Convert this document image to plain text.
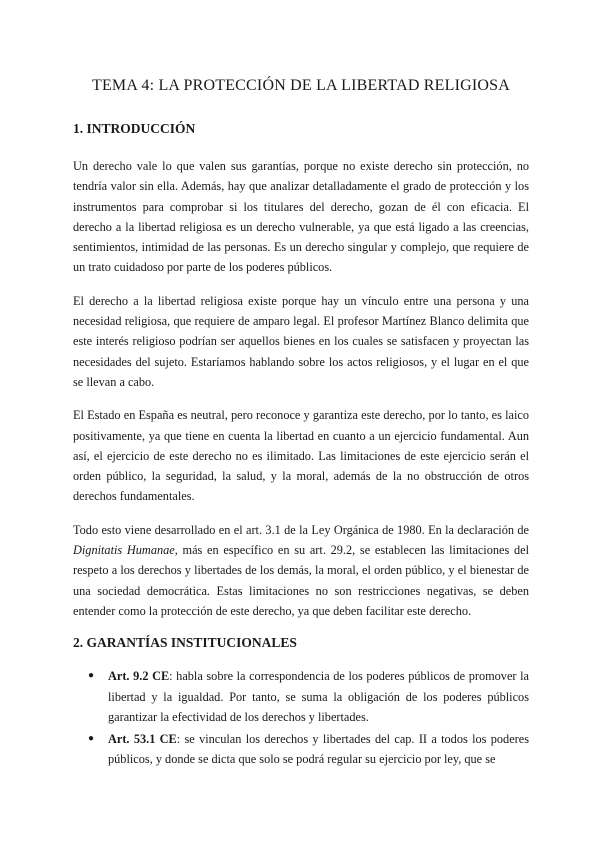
TEMA 4: LA PROTECCIÓN DE LA LIBERTAD RELIGIOSA
1. INTRODUCCIÓN

Un derecho vale lo que valen sus garantías, porque no existe derecho sin protección, no tendría valor sin ella. Además, hay que analizar detalladamente el grado de protección y los instrumentos para comprobar si los titulares del derecho, gozan de él con eficacia. El derecho a la libertad religiosa es un derecho vulnerable, ya que está ligado a las creencias, sentimientos, intimidad de las personas. Es un derecho singular y complejo, que requiere de un trato cuidadoso por parte de los poderes públicos.

El derecho a la libertad religiosa existe porque hay un vínculo entre una persona y una necesidad religiosa, que requiere de amparo legal. El profesor Martínez Blanco delimita que este interés religioso podrían ser aquellos bienes en los cuales se satisfacen y proyectan las necesidades del sujeto. Estaríamos hablando sobre los actos religiosos, y el lugar en el que se llevan a cabo.

El Estado en España es neutral, pero reconoce y garantiza este derecho, por lo tanto, es laico positivamente, ya que tiene en cuenta la libertad en cuanto a un ejercicio fundamental. Aun así, el ejercicio de este derecho no es ilimitado. Las limitaciones de este ejercicio serán el orden público, la seguridad, la salud, y la moral, además de la no obstrucción de otros derechos fundamentales.

Todo esto viene desarrollado en el art. 3.1 de la Ley Orgánica de 1980. En la declaración de Dignitatis Humanae, más en específico en su art. 29.2, se establecen las limitaciones del respeto a los derechos y libertades de los demás, la moral, el orden público, y el bienestar de una sociedad democrática. Estas limitaciones no son restricciones negativas, se deben entender como la protección de este derecho, ya que deben facilitar este derecho.

2. GARANTÍAS INSTITUCIONALES
● Art. 9.2 CE: habla sobre la correspondencia de los poderes públicos de promover la libertad y la igualdad. Por tanto, se suma la obligación de los poderes públicos garantizar la efectividad de los derechos y libertades.
● Art. 53.1 CE: se vinculan los derechos y libertades del cap. II a todos los poderes públicos, y donde se dicta que solo se podrá regular su ejercicio por ley, que se
